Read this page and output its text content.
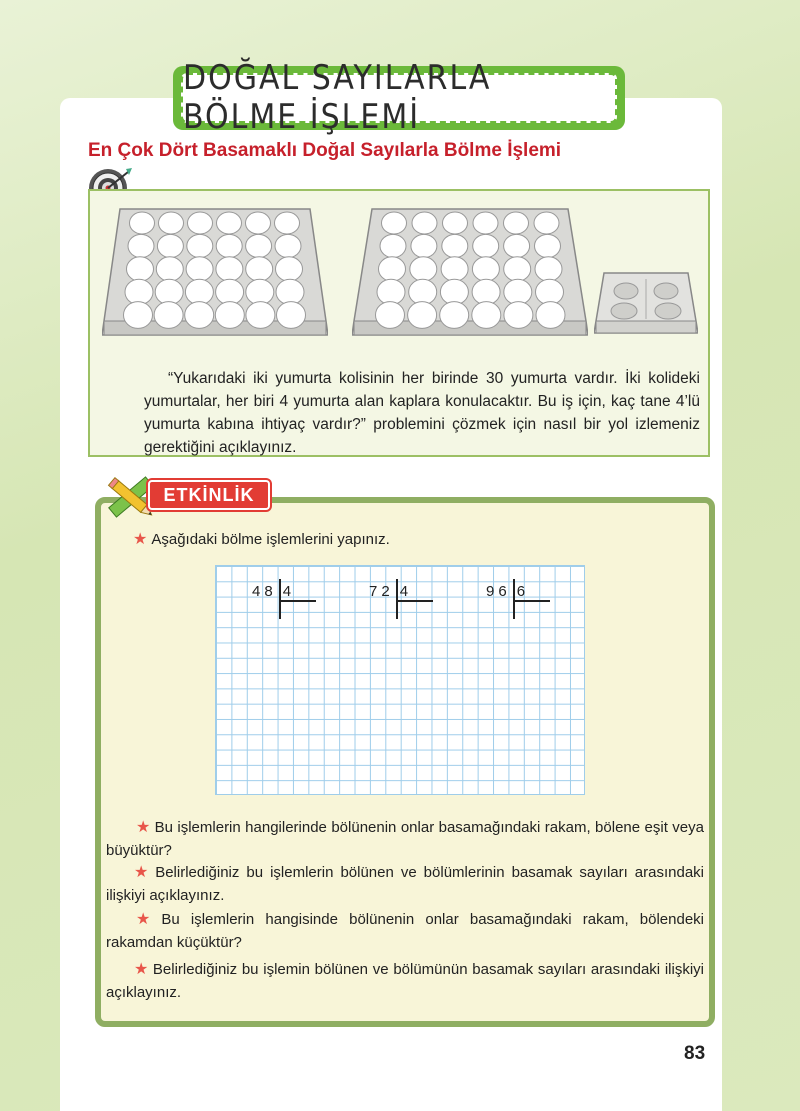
DOĞAL SAYILARLA BÖLME İŞLEMİ
En Çok Dört Basamaklı Doğal Sayılarla Bölme İşlemi

“Yukarıdaki iki yumurta kolisinin her birinde 30 yumurta vardır. İki kolideki yumurtalar, her biri 4 yumurta alan kaplara konulacaktır. Bu iş için, kaç tane 4’lü yumurta kabına ihtiyaç vardır?” problemini çözmek için nasıl bir yol izlemeniz gerektiğini açıklayınız.

ETKİNLİK
★ Aşağıdaki bölme işlemlerini yapınız.
48 4	72 4	96 6

★ Bu işlemlerin hangilerinde bölünenin onlar basamağındaki rakam, bölene eşit veya büyüktür?

★ Belirlediğiniz bu işlemlerin bölünen ve bölümlerinin basamak sayıları arasındaki ilişkiyi açıklayınız.

★ Bu işlemlerin hangisinde bölünenin onlar basamağındaki rakam, bölendeki rakamdan küçüktür?

★ Belirlediğiniz bu işlemin bölünen ve bölümünün basamak sayıları arasındaki ilişkiyi açıklayınız.

83
